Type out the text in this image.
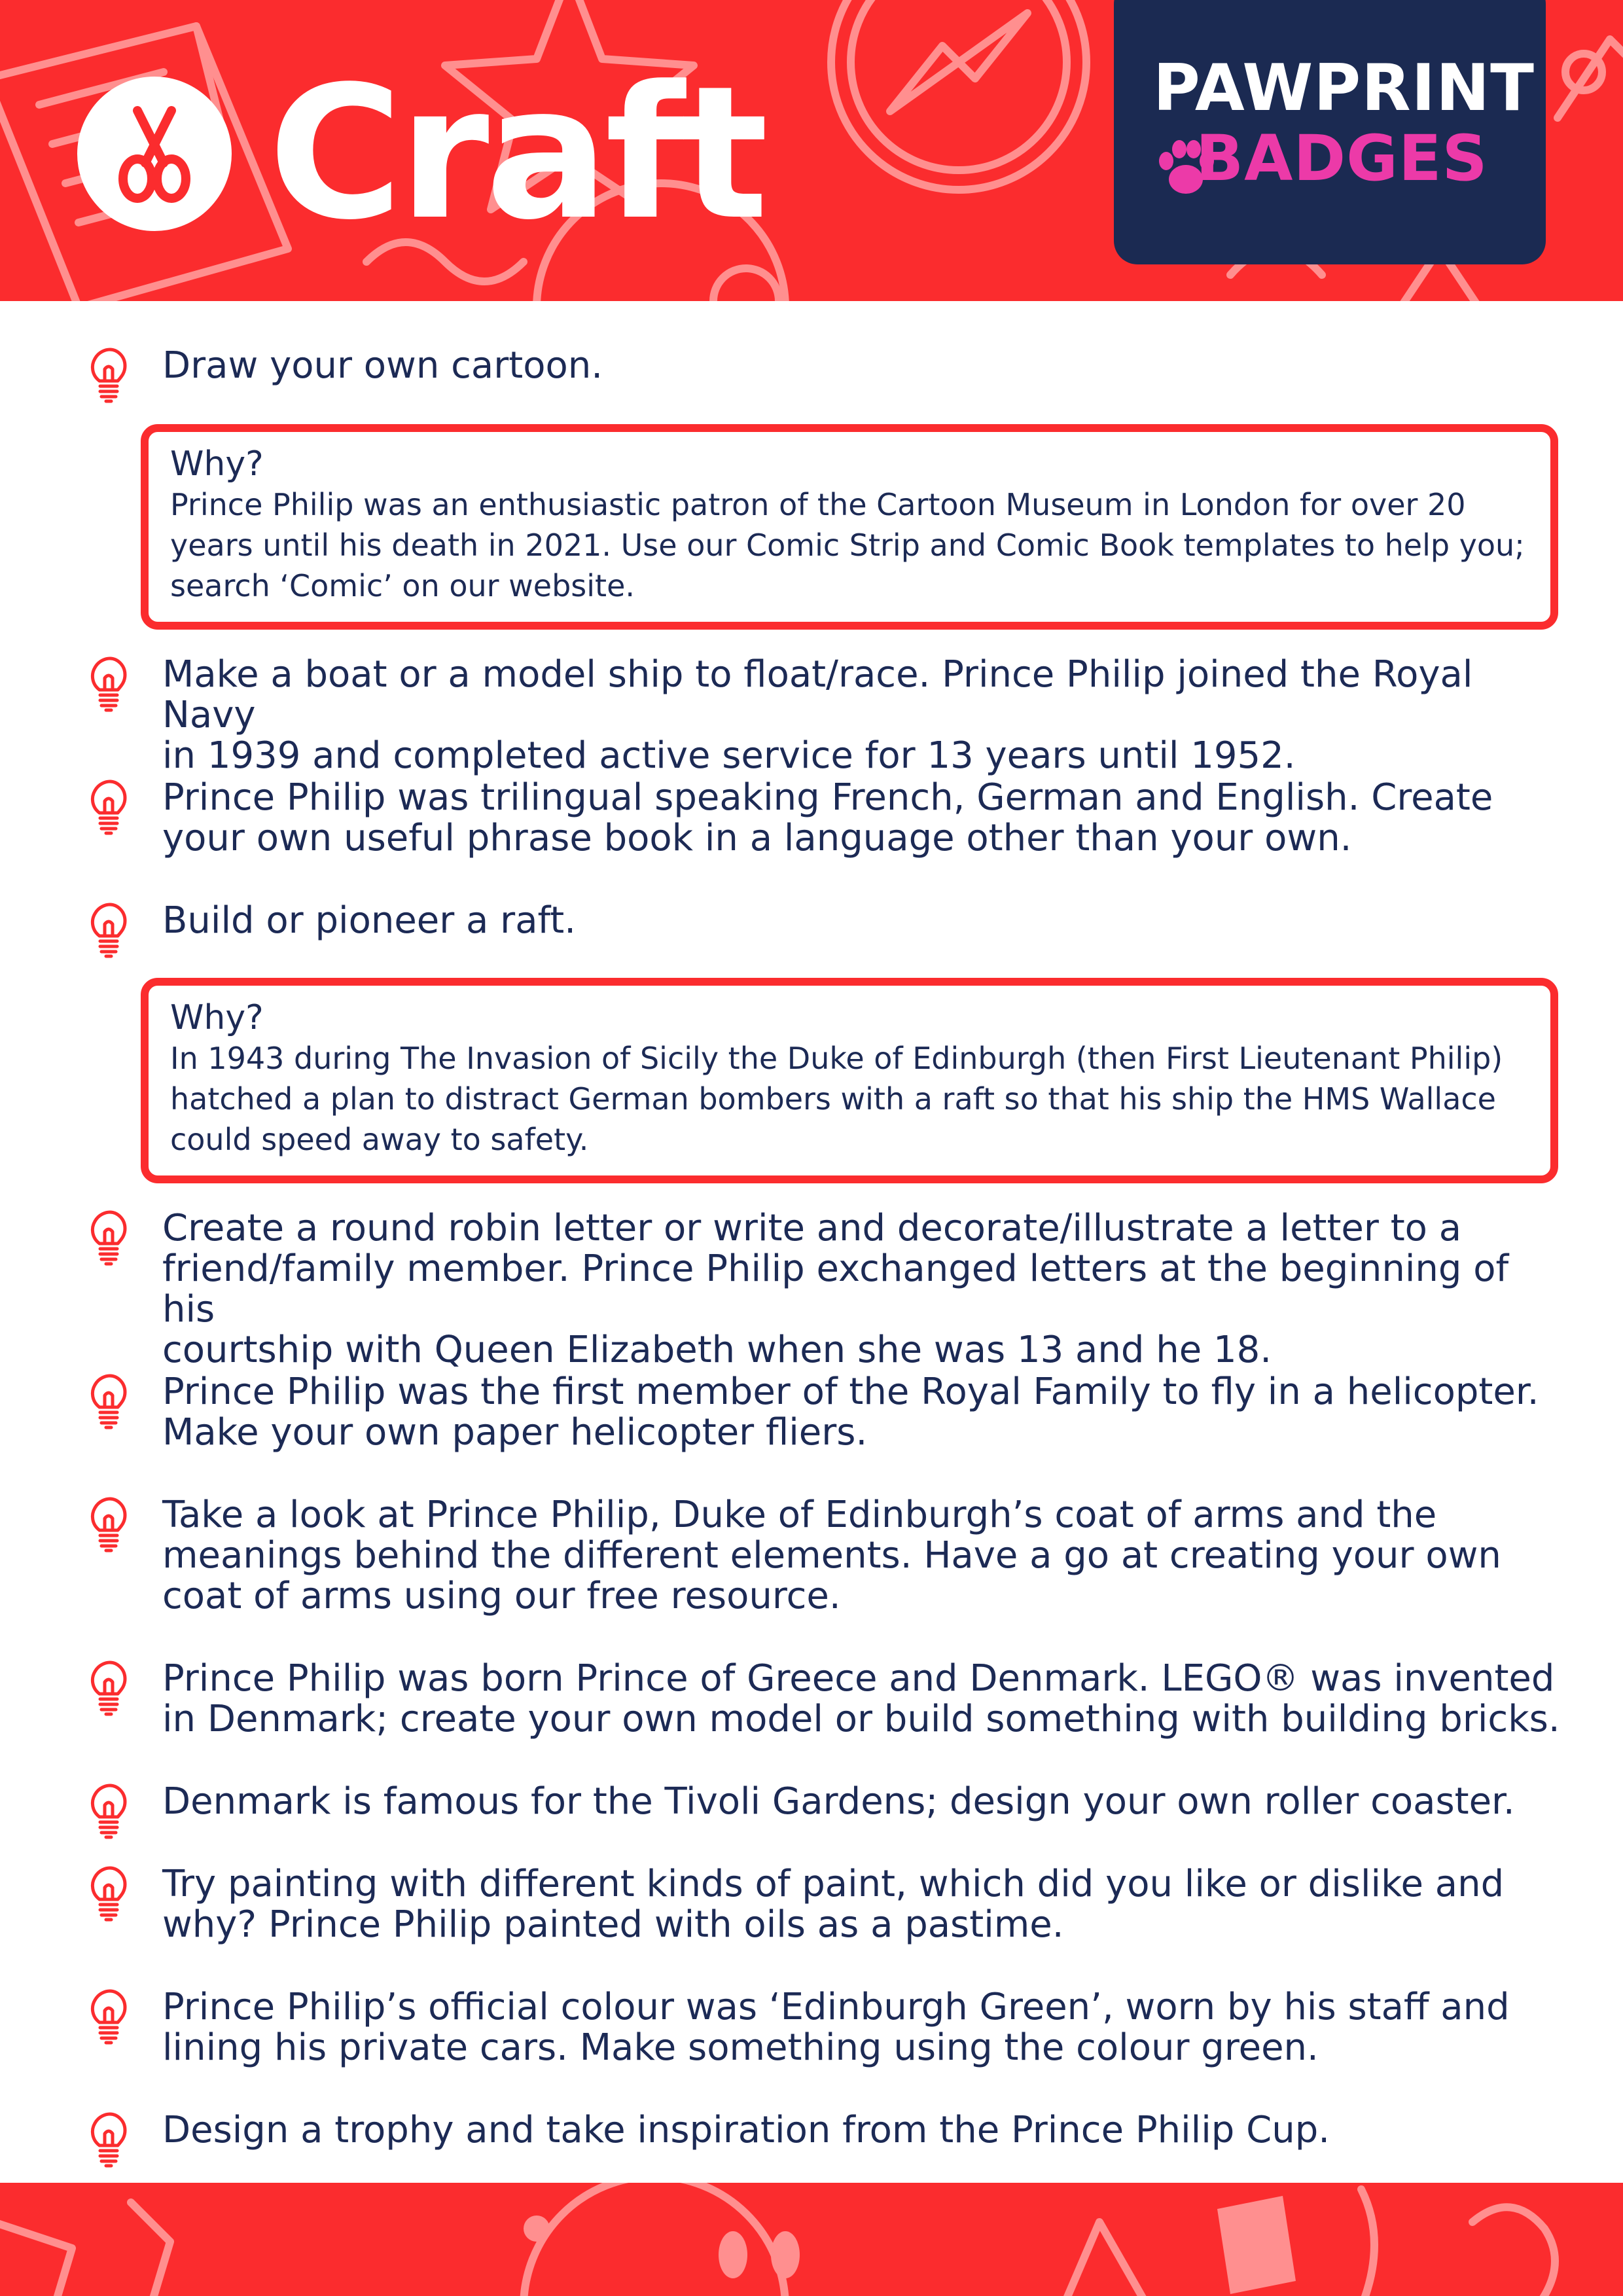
Craft	PAWPRINT
BADGES
Draw your own cartoon.
Why?
Prince Philip was an enthusiastic patron of the Cartoon Museum in London for over 20
years until his death in 2021. Use our Comic Strip and Comic Book templates to help you;
search ‘Comic’ on our website.
Make a boat or a model ship to float/race. Prince Philip joined the Royal Navy
in 1939 and completed active service for 13 years until 1952.
Prince Philip was trilingual speaking French, German and English. Create
your own useful phrase book in a language other than your own.
Build or pioneer a raft.
Why?
In 1943 during The Invasion of Sicily the Duke of Edinburgh (then First Lieutenant Philip)
hatched a plan to distract German bombers with a raft so that his ship the HMS Wallace
could speed away to safety.
Create a round robin letter or write and decorate/illustrate a letter to a
friend/family member. Prince Philip exchanged letters at the beginning of his
courtship with Queen Elizabeth when she was 13 and he 18.
Prince Philip was the first member of the Royal Family to fly in a helicopter.
Make your own paper helicopter fliers.
Take a look at Prince Philip, Duke of Edinburgh’s coat of arms and the
meanings behind the different elements. Have a go at creating your own
coat of arms using our free resource.
Prince Philip was born Prince of Greece and Denmark. LEGO® was invented
in Denmark; create your own model or build something with building bricks.
Denmark is famous for the Tivoli Gardens; design your own roller coaster.
Try painting with different kinds of paint, which did you like or dislike and
why? Prince Philip painted with oils as a pastime.
Prince Philip’s official colour was ‘Edinburgh Green’, worn by his staff and
lining his private cars. Make something using the colour green.
Design a trophy and take inspiration from the Prince Philip Cup.
